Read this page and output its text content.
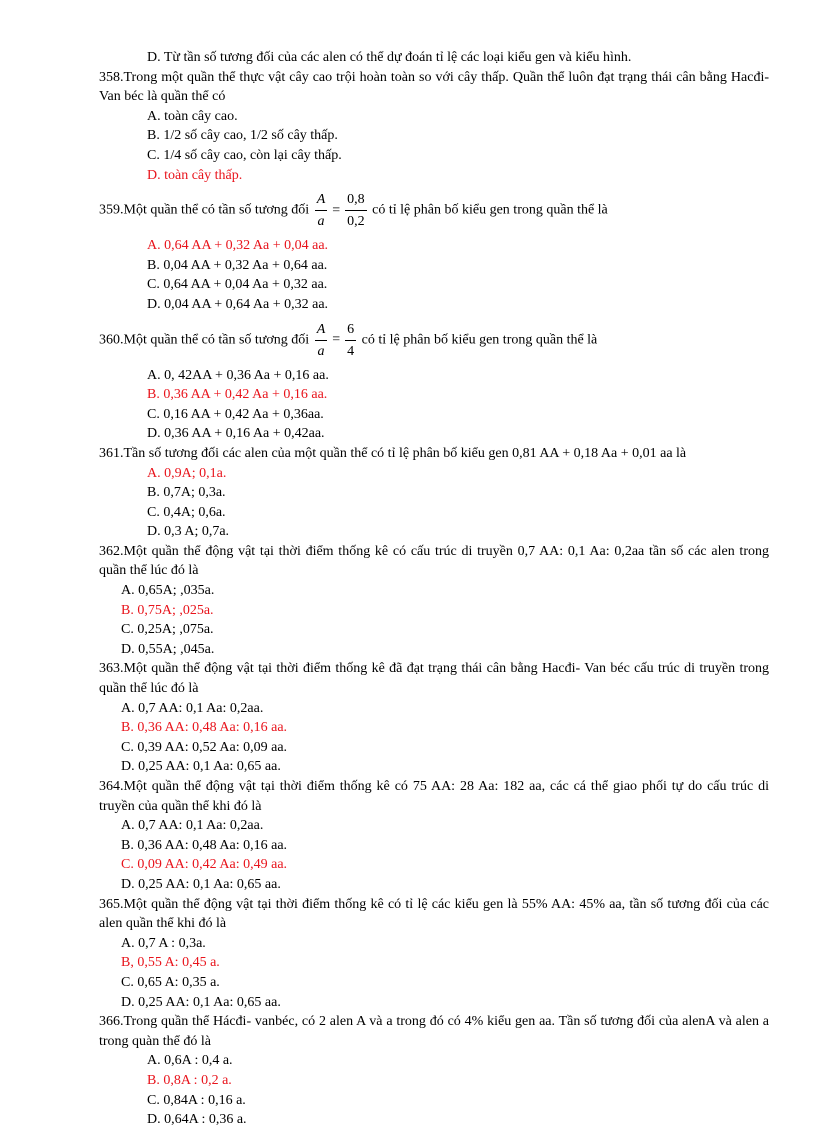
D. Từ tần số tương đối của các alen có thể dự đoán tỉ lệ các loại kiểu gen và kiểu hình.

358.Trong một quần thể thực vật cây cao trội hoàn toàn so với cây thấp. Quần thể luôn đạt trạng thái cân bằng Hacđi- Van béc là quần thể có

A. toàn cây cao.

B. 1/2 số cây cao, 1/2 số cây thấp.

C. 1/4 số cây cao, còn lại cây thấp.

D. toàn cây thấp.

359.Một quần thể có tần số tương đối $\frac{A}{a} = \frac{0,8}{0,2}$ có tỉ lệ phân bố kiểu gen trong quần thể là

A. 0,64 AA + 0,32 Aa + 0,04 aa.

B. 0,04 AA + 0,32 Aa + 0,64 aa.

C. 0,64 AA + 0,04 Aa + 0,32 aa.

D. 0,04 AA + 0,64 Aa + 0,32 aa.

360.Một quần thể có tần số tương đối $\frac{A}{a} = \frac{6}{4}$ có tỉ lệ phân bố kiểu gen trong quần thể là

A. 0, 42AA + 0,36 Aa + 0,16 aa.

B. 0,36 AA + 0,42 Aa + 0,16 aa.

C. 0,16 AA + 0,42 Aa + 0,36aa.

D. 0,36 AA + 0,16 Aa + 0,42aa.

361.Tần số tương đối các alen của một quần thể có tỉ lệ phân bố kiểu gen 0,81 AA + 0,18 Aa + 0,01 aa là

A. 0,9A; 0,1a.

B. 0,7A; 0,3a.

C. 0,4A; 0,6a.

D. 0,3 A; 0,7a.

362.Một quần thể động vật tại thời điểm thống kê có cấu trúc di truyền 0,7 AA: 0,1 Aa: 0,2aa tần số các alen trong quần thể lúc đó là

A. 0,65A; ,035a.

B. 0,75A; ,025a.

C. 0,25A; ,075a.

D. 0,55A; ,045a.

363.Một quần thể động vật tại thời điểm thống kê đã đạt trạng thái cân bằng Hacđi- Van béc cấu trúc di truyền trong quần thể lúc đó là

A. 0,7 AA: 0,1 Aa: 0,2aa.

B. 0,36 AA: 0,48 Aa: 0,16 aa.

C. 0,39 AA: 0,52 Aa: 0,09 aa.

D. 0,25 AA: 0,1 Aa: 0,65 aa.

364.Một quần thể động vật tại thời điểm thống kê có 75 AA: 28 Aa: 182 aa, các cá thể giao phối tự do cấu trúc di truyền của quần thể khi đó là

A. 0,7 AA: 0,1 Aa: 0,2aa.

B. 0,36 AA: 0,48 Aa: 0,16 aa.

C. 0,09 AA: 0,42 Aa: 0,49 aa.

D. 0,25 AA: 0,1 Aa: 0,65 aa.

365.Một quần thể động vật tại thời điểm thống kê có tỉ lệ các kiểu gen là 55% AA: 45% aa, tần số tương đối của các alen quần thể khi đó là

A. 0,7 A : 0,3a.

B, 0,55 A: 0,45 a.

C. 0,65 A: 0,35 a.

D. 0,25 AA: 0,1 Aa: 0,65 aa.

366.Trong quần thể Hácđi- vanbéc, có 2 alen A và a trong đó có 4% kiểu gen aa. Tần số tương đối của alenA và alen a trong quàn thể đó là

A. 0,6A : 0,4 a.

B. 0,8A : 0,2 a.

C. 0,84A : 0,16 a.

D. 0,64A : 0,36 a.
